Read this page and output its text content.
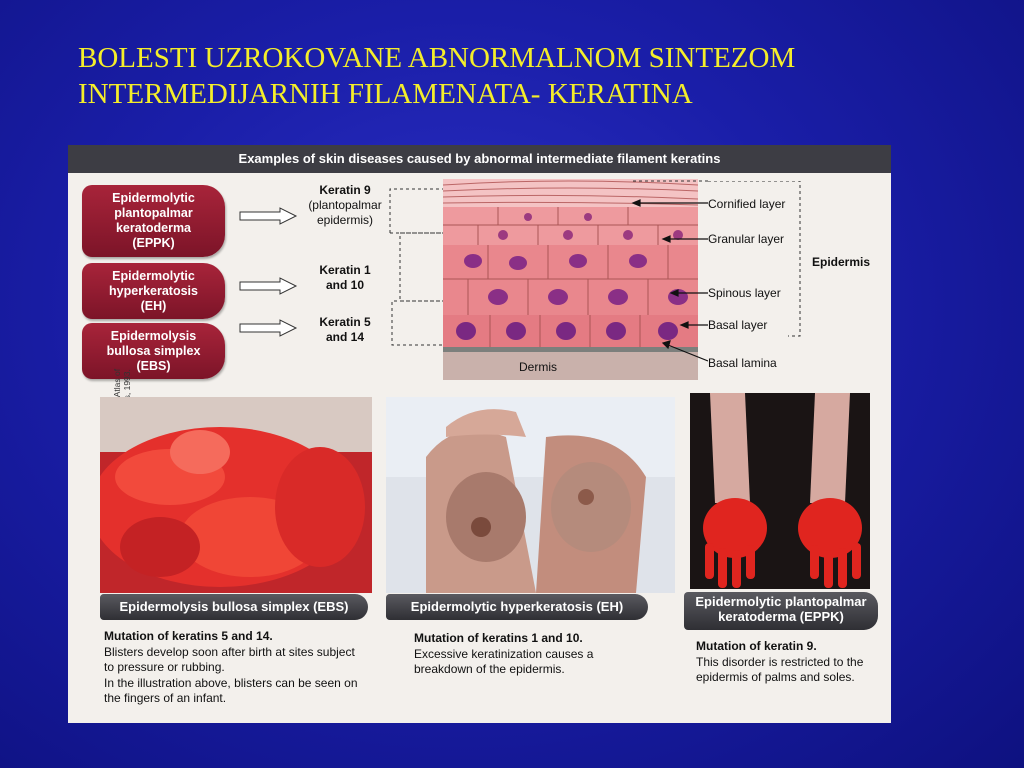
BOLESTI UZROKOVANE ABNORMALNOM SINTEZOM
INTERMEDIJARNIH FILAMENATA- KERATINA
Examples of skin diseases caused by abnormal intermediate filament keratins
Epidermolytic
plantopalmar
keratoderma
(EPPK)
Epidermolytic
hyperkeratosis
(EH)
Epidermolysis
bullosa simplex
(EBS)
Keratin 9
(plantopalmar
epidermis)
Keratin 1
and 10
Keratin 5
and 14
Cornified layer
Granular layer
Spinous layer
Basal layer
Basal lamina
Dermis
Epidermis
Epidermolysis bullosa simplex (EBS)	Epidermolytic hyperkeratosis (EH)	Epidermolytic plantopalmar
keratoderma (EPPK)
Mutation of keratins 5 and 14.
Blisters develop soon after birth at sites subject
to pressure or rubbing.
In the illustration above, blisters can be seen on
the fingers of an infant.
Mutation of keratins 1 and 10.
Excessive keratinization causes a
breakdown of the epidermis.
Mutation of keratin 9.
This disorder is restricted to the
epidermis of palms and soles.
